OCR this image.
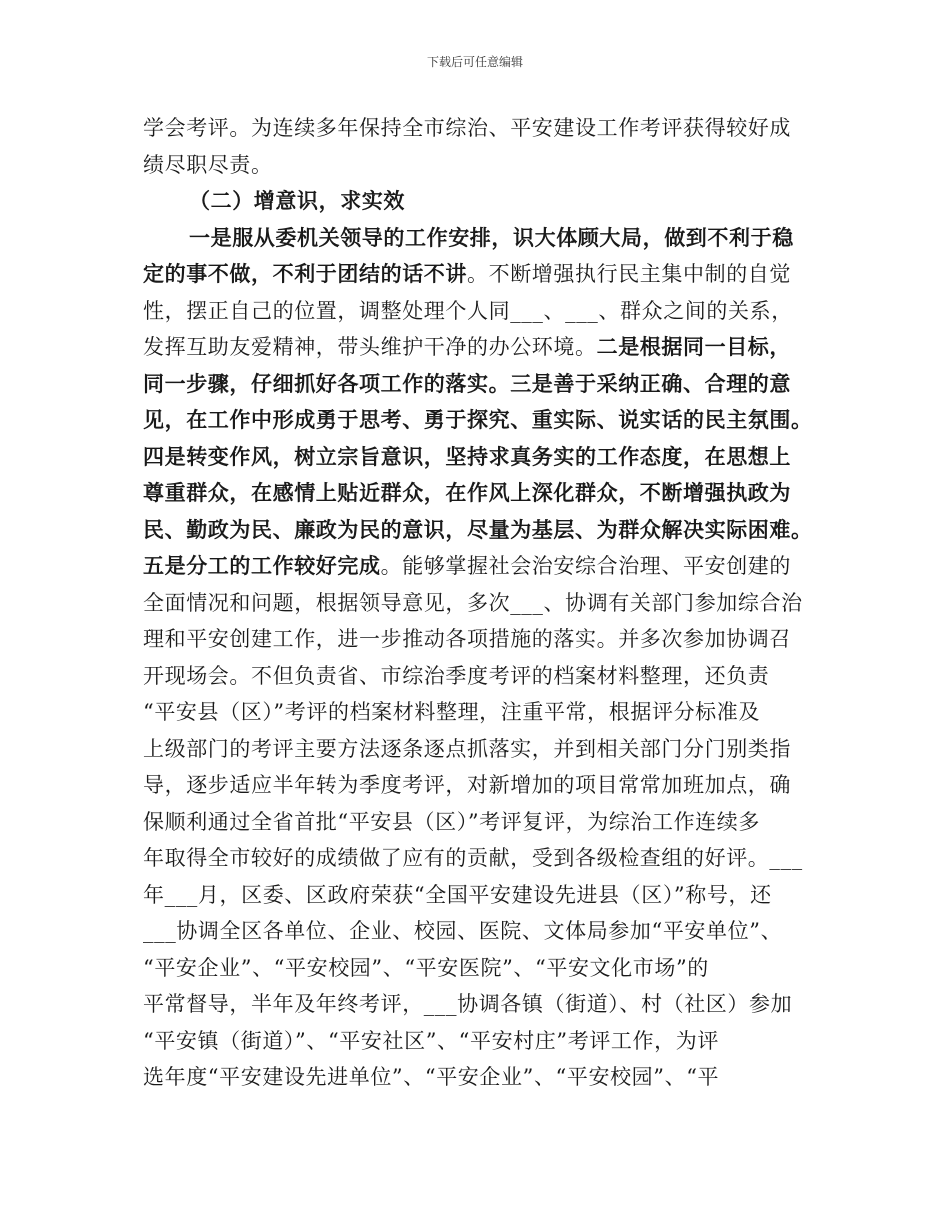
下载后可任意编辑
学会考评。为连续多年保持全市综治、平安建设工作考评获得较好成
绩尽职尽责。
（二）增意识，求实效
一是服从委机关领导的工作安排，识大体顾大局，做到不利于稳
定的事不做，不利于团结的话不讲。不断增强执行民主集中制的自觉
性，摆正自己的位置，调整处理个人同___、___、群众之间的关系，
发挥互助友爱精神，带头维护干净的办公环境。二是根据同一目标，
同一步骤，仔细抓好各项工作的落实。三是善于采纳正确、合理的意
见，在工作中形成勇于思考、勇于探究、重实际、说实话的民主氛围。
四是转变作风，树立宗旨意识，坚持求真务实的工作态度，在思想上
尊重群众，在感情上贴近群众，在作风上深化群众，不断增强执政为
民、勤政为民、廉政为民的意识，尽量为基层、为群众解决实际困难。
五是分工的工作较好完成。能够掌握社会治安综合治理、平安创建的
全面情况和问题，根据领导意见，多次___、协调有关部门参加综合治
理和平安创建工作，进一步推动各项措施的落实。并多次参加协调召
开现场会。不但负责省、市综治季度考评的档案材料整理，还负责
“平安县（区）”考评的档案材料整理，注重平常，根据评分标准及
上级部门的考评主要方法逐条逐点抓落实，并到相关部门分门别类指
导，逐步适应半年转为季度考评，对新增加的项目常常加班加点，确
保顺利通过全省首批“平安县（区）”考评复评，为综治工作连续多
年取得全市较好的成绩做了应有的贡献，受到各级检查组的好评。___
年___月，区委、区政府荣获“全国平安建设先进县（区）”称号，还
___协调全区各单位、企业、校园、医院、文体局参加“平安单位”、
“平安企业”、“平安校园”、“平安医院”、“平安文化市场”的
平常督导，半年及年终考评，___协调各镇（街道）、村（社区）参加
“平安镇（街道）”、“平安社区”、“平安村庄”考评工作，为评
选年度“平安建设先进单位”、“平安企业”、“平安校园”、“平
